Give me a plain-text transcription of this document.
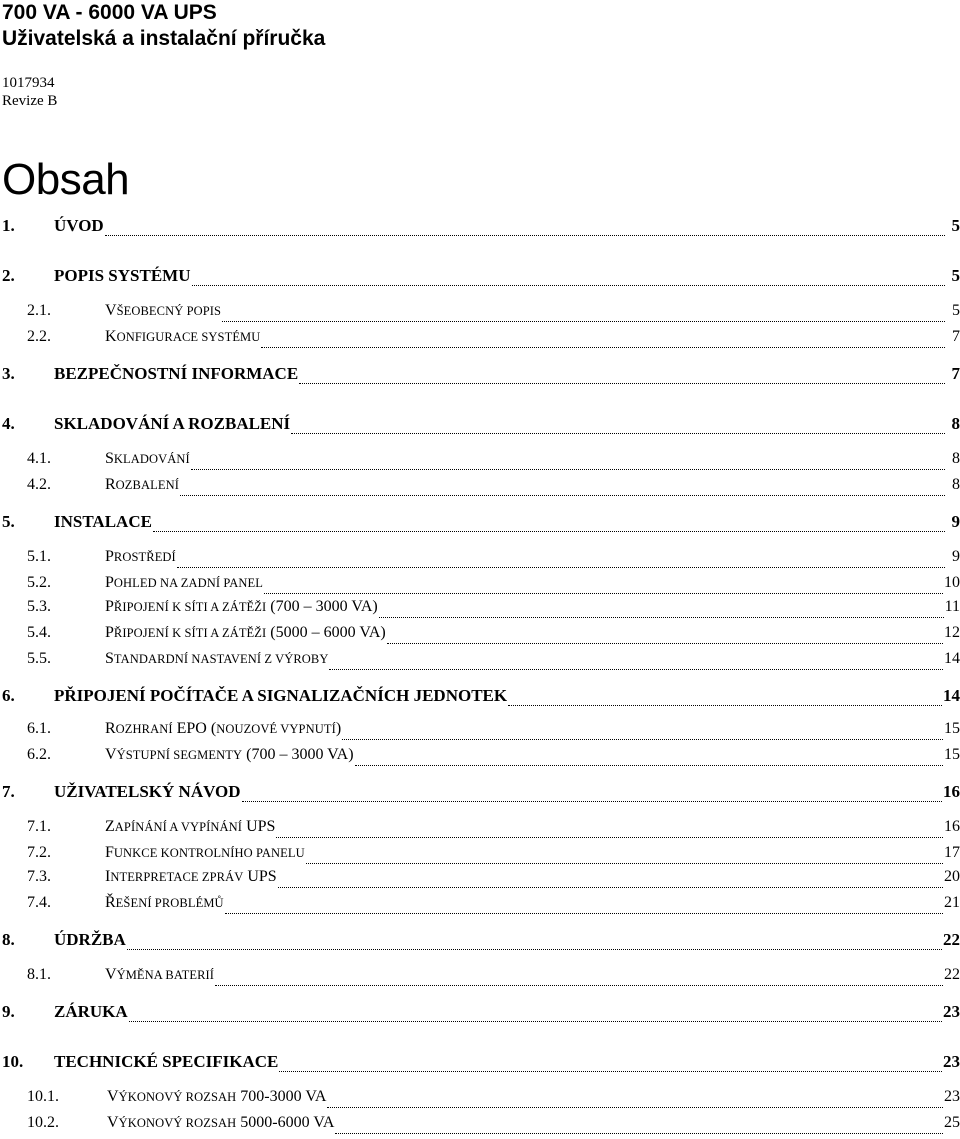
700 VA - 6000 VA UPS
Uživatelská a instalační příručka
1017934
Revize B
Obsah
1.	ÚVOD	5
2.	POPIS SYSTÉMU	5
2.1.	VŠEOBECNÝ POPIS	5
2.2.	KONFIGURACE SYSTÉMU	7
3.	BEZPEČNOSTNÍ INFORMACE	7
4.	SKLADOVÁNÍ A ROZBALENÍ	8
4.1.	SKLADOVÁNÍ	8
4.2.	ROZBALENÍ	8
5.	INSTALACE	9
5.1.	PROSTŘEDÍ	9
5.2.	POHLED NA ZADNÍ PANEL	10
5.3.	PŘIPOJENÍ K SÍTI A ZÁTĚŽI (700 – 3000 VA)	11
5.4.	PŘIPOJENÍ K SÍTI A ZÁTĚŽI (5000 – 6000 VA)	12
5.5.	STANDARDNÍ NASTAVENÍ Z VÝROBY	14
6.	PŘIPOJENÍ POČÍTAČE A SIGNALIZAČNÍCH JEDNOTEK	14
6.1.	ROZHRANÍ EPO (NOUZOVÉ VYPNUTÍ)	15
6.2.	VÝSTUPNÍ SEGMENTY (700 – 3000 VA)	15
7.	UŽIVATELSKÝ NÁVOD	16
7.1.	ZAPÍNÁNÍ A VYPÍNÁNÍ UPS	16
7.2.	FUNKCE KONTROLNÍHO PANELU	17
7.3.	INTERPRETACE ZPRÁV UPS	20
7.4.	ŘEŠENÍ PROBLÉMŮ	21
8.	ÚDRŽBA	22
8.1.	VÝMĚNA BATERIÍ	22
9.	ZÁRUKA	23
10.	TECHNICKÉ SPECIFIKACE	23
10.1.	VÝKONOVÝ ROZSAH 700-3000 VA	23
10.2.	VÝKONOVÝ ROZSAH 5000-6000 VA	25
